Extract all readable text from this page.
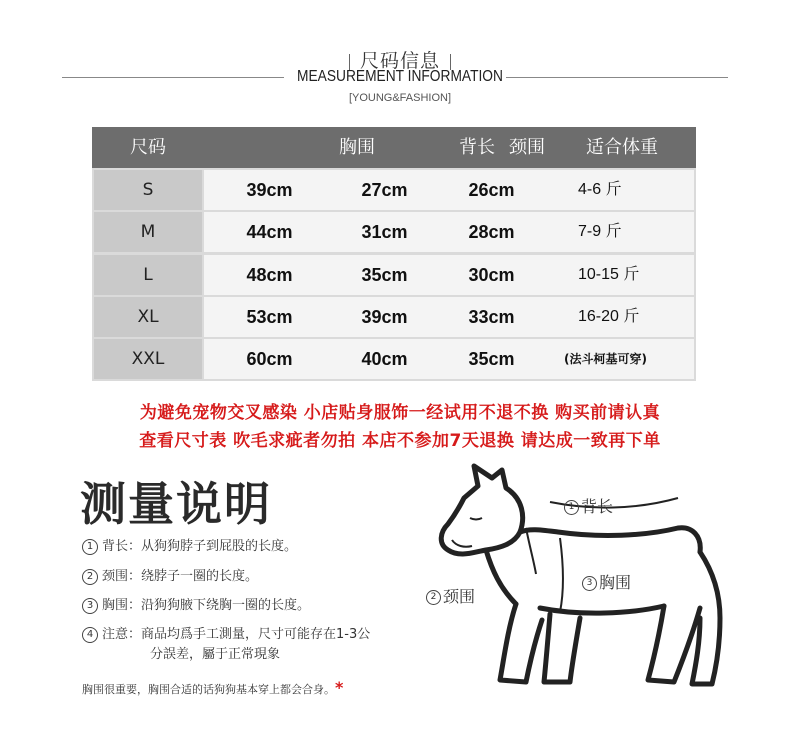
尺码信息
MEASUREMENT INFORMATION
[YOUNG&FASHION]
尺码	胸围	背长 颈围	适合体重
S	39cm	27cm	26cm	4-6 斤
M	44cm	31cm	28cm	7-9 斤
L	48cm	35cm	30cm	10-15 斤
XL	53cm	39cm	33cm	16-20 斤
XXL	60cm	40cm	35cm	(法斗柯基可穿)
为避免宠物交叉感染 小店贴身服饰一经试用不退不换 购买前请认真
查看尺寸表 吹毛求疵者勿拍 本店不参加7天退换 请达成一致再下单
测量说明
1 背长：从狗狗脖子到屁股的长度。
2 颈围：绕脖子一圈的长度。
3 胸围：沿狗狗腋下绕胸一圈的长度。
4 注意：商品均爲手工測量，尺寸可能存在1-3公
分誤差，屬于正常現象
胸围很重要，胸围合适的话狗狗基本穿上都会合身。*
1 背长
2 颈围
3 胸围
